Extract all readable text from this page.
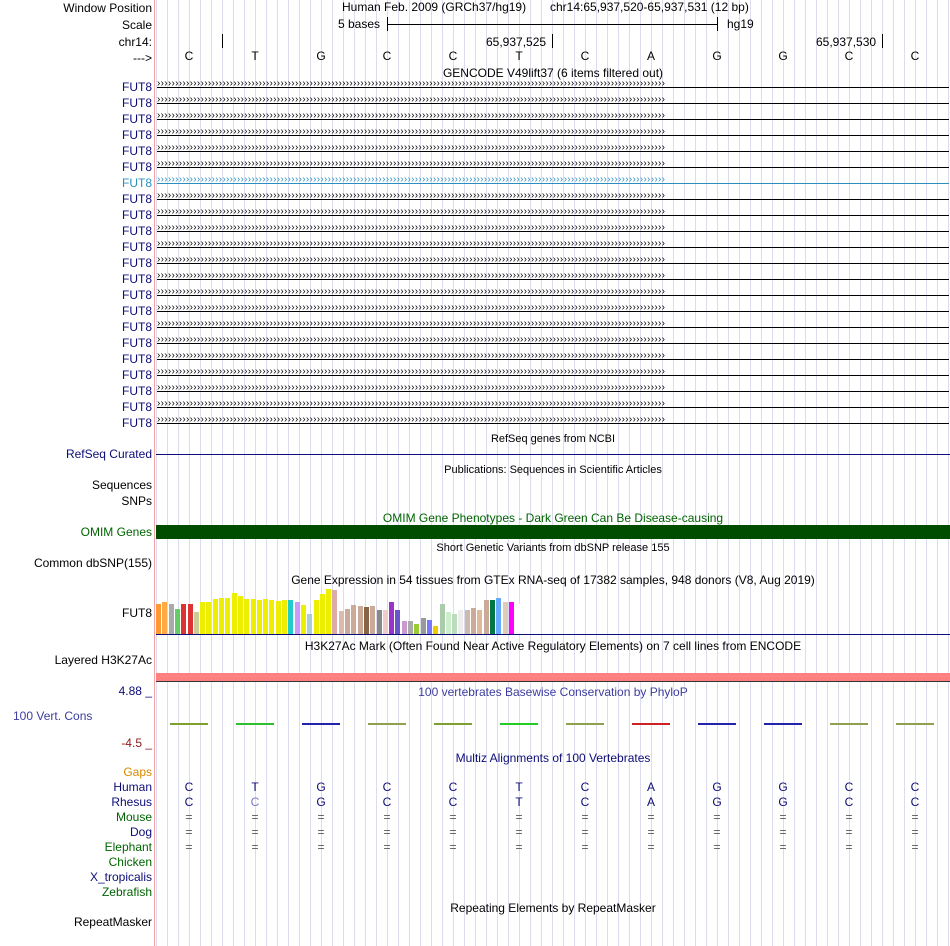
Window Position
Scale
chr14:
--->
Human Feb. 2009 (GRCh37/hg19) chr14:65,937,520-65,937,531 (12 bp)
5 bases	hg19
65,937,525	65,937,530
C	T	G	C	C	T	C	A	G	G	C	C
GENCODE V49lift37 (6 items filtered out)
FUT8 ››››››››››››››››››››››››››››››››››››››››››››››››››››››››››››››››››››››››››››››››››››››››››››››››››››››››››››››››››››››››››››››››››››››››››››
FUT8 ››››››››››››››››››››››››››››››››››››››››››››››››››››››››››››››››››››››››››››››››››››››››››››››››››››››››››››››››››››››››››››››››››››››››››››
FUT8 ››››››››››››››››››››››››››››››››››››››››››››››››››››››››››››››››››››››››››››››››››››››››››››››››››››››››››››››››››››››››››››››››››››››››››››
FUT8 ››››››››››››››››››››››››››››››››››››››››››››››››››››››››››››››››››››››››››››››››››››››››››››››››››››››››››››››››››››››››››››››››››››››››››››
FUT8 ››››››››››››››››››››››››››››››››››››››››››››››››››››››››››››››››››››››››››››››››››››››››››››››››››››››››››››››››››››››››››››››››››››››››››››
FUT8 ››››››››››››››››››››››››››››››››››››››››››››››››››››››››››››››››››››››››››››››››››››››››››››››››››››››››››››››››››››››››››››››››››››››››››››
FUT8 ››››››››››››››››››››››››››››››››››››››››››››››››››››››››››››››››››››››››››››››››››››››››››››››››››››››››››››››››››››››››››››››››››››››››››››
FUT8 ››››››››››››››››››››››››››››››››››››››››››››››››››››››››››››››››››››››››››››››››››››››››››››››››››››››››››››››››››››››››››››››››››››››››››››
FUT8 ››››››››››››››››››››››››››››››››››››››››››››››››››››››››››››››››››››››››››››››››››››››››››››››››››››››››››››››››››››››››››››››››››››››››››››
FUT8 ››››››››››››››››››››››››››››››››››››››››››››››››››››››››››››››››››››››››››››››››››››››››››››››››››››››››››››››››››››››››››››››››››››››››››››
FUT8 ››››››››››››››››››››››››››››››››››››››››››››››››››››››››››››››››››››››››››››››››››››››››››››››››››››››››››››››››››››››››››››››››››››››››››››
FUT8 ››››››››››››››››››››››››››››››››››››››››››››››››››››››››››››››››››››››››››››››››››››››››››››››››››››››››››››››››››››››››››››››››››››››››››››
FUT8 ››››››››››››››››››››››››››››››››››››››››››››››››››››››››››››››››››››››››››››››››››››››››››››››››››››››››››››››››››››››››››››››››››››››››››››
FUT8 ››››››››››››››››››››››››››››››››››››››››››››››››››››››››››››››››››››››››››››››››››››››››››››››››››››››››››››››››››››››››››››››››››››››››››››
FUT8 ››››››››››››››››››››››››››››››››››››››››››››››››››››››››››››››››››››››››››››››››››››››››››››››››››››››››››››››››››››››››››››››››››››››››››››
FUT8 ››››››››››››››››››››››››››››››››››››››››››››››››››››››››››››››››››››››››››››››››››››››››››››››››››››››››››››››››››››››››››››››››››››››››››››
FUT8 ››››››››››››››››››››››››››››››››››››››››››››››››››››››››››››››››››››››››››››››››››››››››››››››››››››››››››››››››››››››››››››››››››››››››››››
FUT8 ››››››››››››››››››››››››››››››››››››››››››››››››››››››››››››››››››››››››››››››››››››››››››››››››››››››››››››››››››››››››››››››››››››››››››››
FUT8 ››››››››››››››››››››››››››››››››››››››››››››››››››››››››››››››››››››››››››››››››››››››››››››››››››››››››››››››››››››››››››››››››››››››››››››
FUT8 ››››››››››››››››››››››››››››››››››››››››››››››››››››››››››››››››››››››››››››››››››››››››››››››››››››››››››››››››››››››››››››››››››››››››››››
FUT8 ››››››››››››››››››››››››››››››››››››››››››››››››››››››››››››››››››››››››››››››››››››››››››››››››››››››››››››››››››››››››››››››››››››››››››››
FUT8 ››››››››››››››››››››››››››››››››››››››››››››››››››››››››››››››››››››››››››››››››››››››››››››››››››››››››››››››››››››››››››››››››››››››››››››
RefSeq genes from NCBI
RefSeq Curated
Publications: Sequences in Scientific Articles
Sequences
SNPs
OMIM Gene Phenotypes - Dark Green Can Be Disease-causing
OMIM Genes
Short Genetic Variants from dbSNP release 155
Common dbSNP(155)
Gene Expression in 54 tissues from GTEx RNA-seq of 17382 samples, 948 donors (V8, Aug 2019)
FUT8
H3K27Ac Mark (Often Found Near Active Regulatory Elements) on 7 cell lines from ENCODE
Layered H3K27Ac
4.88 _	100 vertebrates Basewise Conservation by PhyloP
100 Vert. Cons
-4.5 _
Multiz Alignments of 100 Vertebrates
Gaps
Human	C	T	G	C	C	T	C	A	G	G	C	C
Rhesus	C	C	G	C	C	T	C	A	G	G	C	C
Mouse	=	=	=	=	=	=	=	=	=	=	=	=
Dog	=	=	=	=	=	=	=	=	=	=	=	=
Elephant	=	=	=	=	=	=	=	=	=	=	=	=
Chicken
X_tropicalis
Zebrafish
Repeating Elements by RepeatMasker
RepeatMasker
